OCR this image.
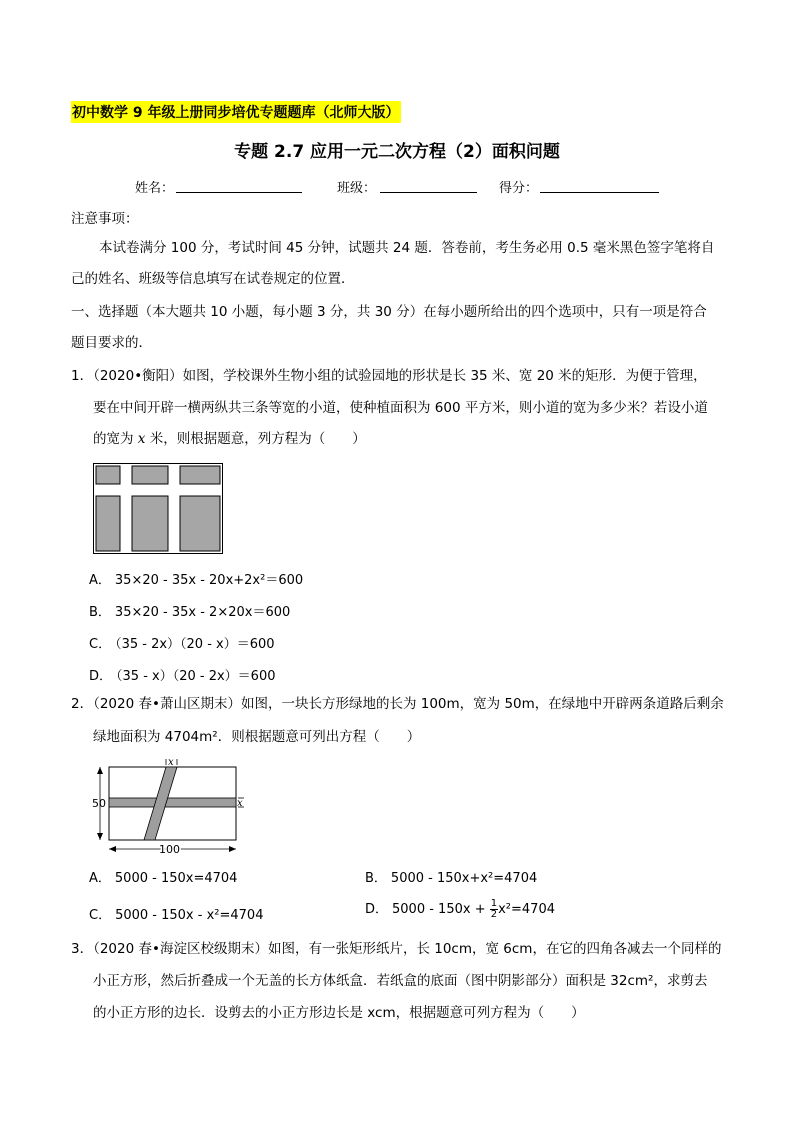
初中数学 9 年级上册同步培优专题题库（北师大版）
专题 2.7 应用一元二次方程（2）面积问题
姓名：	班级：	得分：
注意事项：
本试卷满分 100 分，考试时间 45 分钟，试题共 24 题．答卷前，考生务必用 0.5 毫米黑色签字笔将自
己的姓名、班级等信息填写在试卷规定的位置．
一、选择题（本大题共 10 小题，每小题 3 分，共 30 分）在每小题所给出的四个选项中，只有一项是符合
题目要求的．
1．（2020•衡阳）如图，学校课外生物小组的试验园地的形状是长 35 米、宽 20 米的矩形．为便于管理，
要在中间开辟一横两纵共三条等宽的小道，使种植面积为 600 平方米，则小道的宽为多少米？若设小道
的宽为 x 米，则根据题意，列方程为（　　）
A． 35×20 - 35x - 20x+2x²＝600
B． 35×20 - 35x - 2×20x＝600
C． （35 - 2x）（20 - x）＝600
D． （35 - x）（20 - 2x）＝600
2．（2020 春•萧山区期末）如图，一块长方形绿地的长为 100m，宽为 50m，在绿地中开辟两条道路后剩余
绿地面积为 4704m²．则根据题意可列出方程（　　）
x
x
50
100
A． 5000 - 150x=4704	B． 5000 - 150x+x²=4704
C． 5000 - 150x - x²=4704	D． $5000 - 150x + \frac{1}{2} x^2=4704$
3．（2020 春•海淀区校级期末）如图，有一张矩形纸片，长 10cm，宽 6cm，在它的四角各减去一个同样的
小正方形，然后折叠成一个无盖的长方体纸盒．若纸盒的底面（图中阴影部分）面积是 32cm²，求剪去
的小正方形的边长．设剪去的小正方形边长是 xcm，根据题意可列方程为（　　）
